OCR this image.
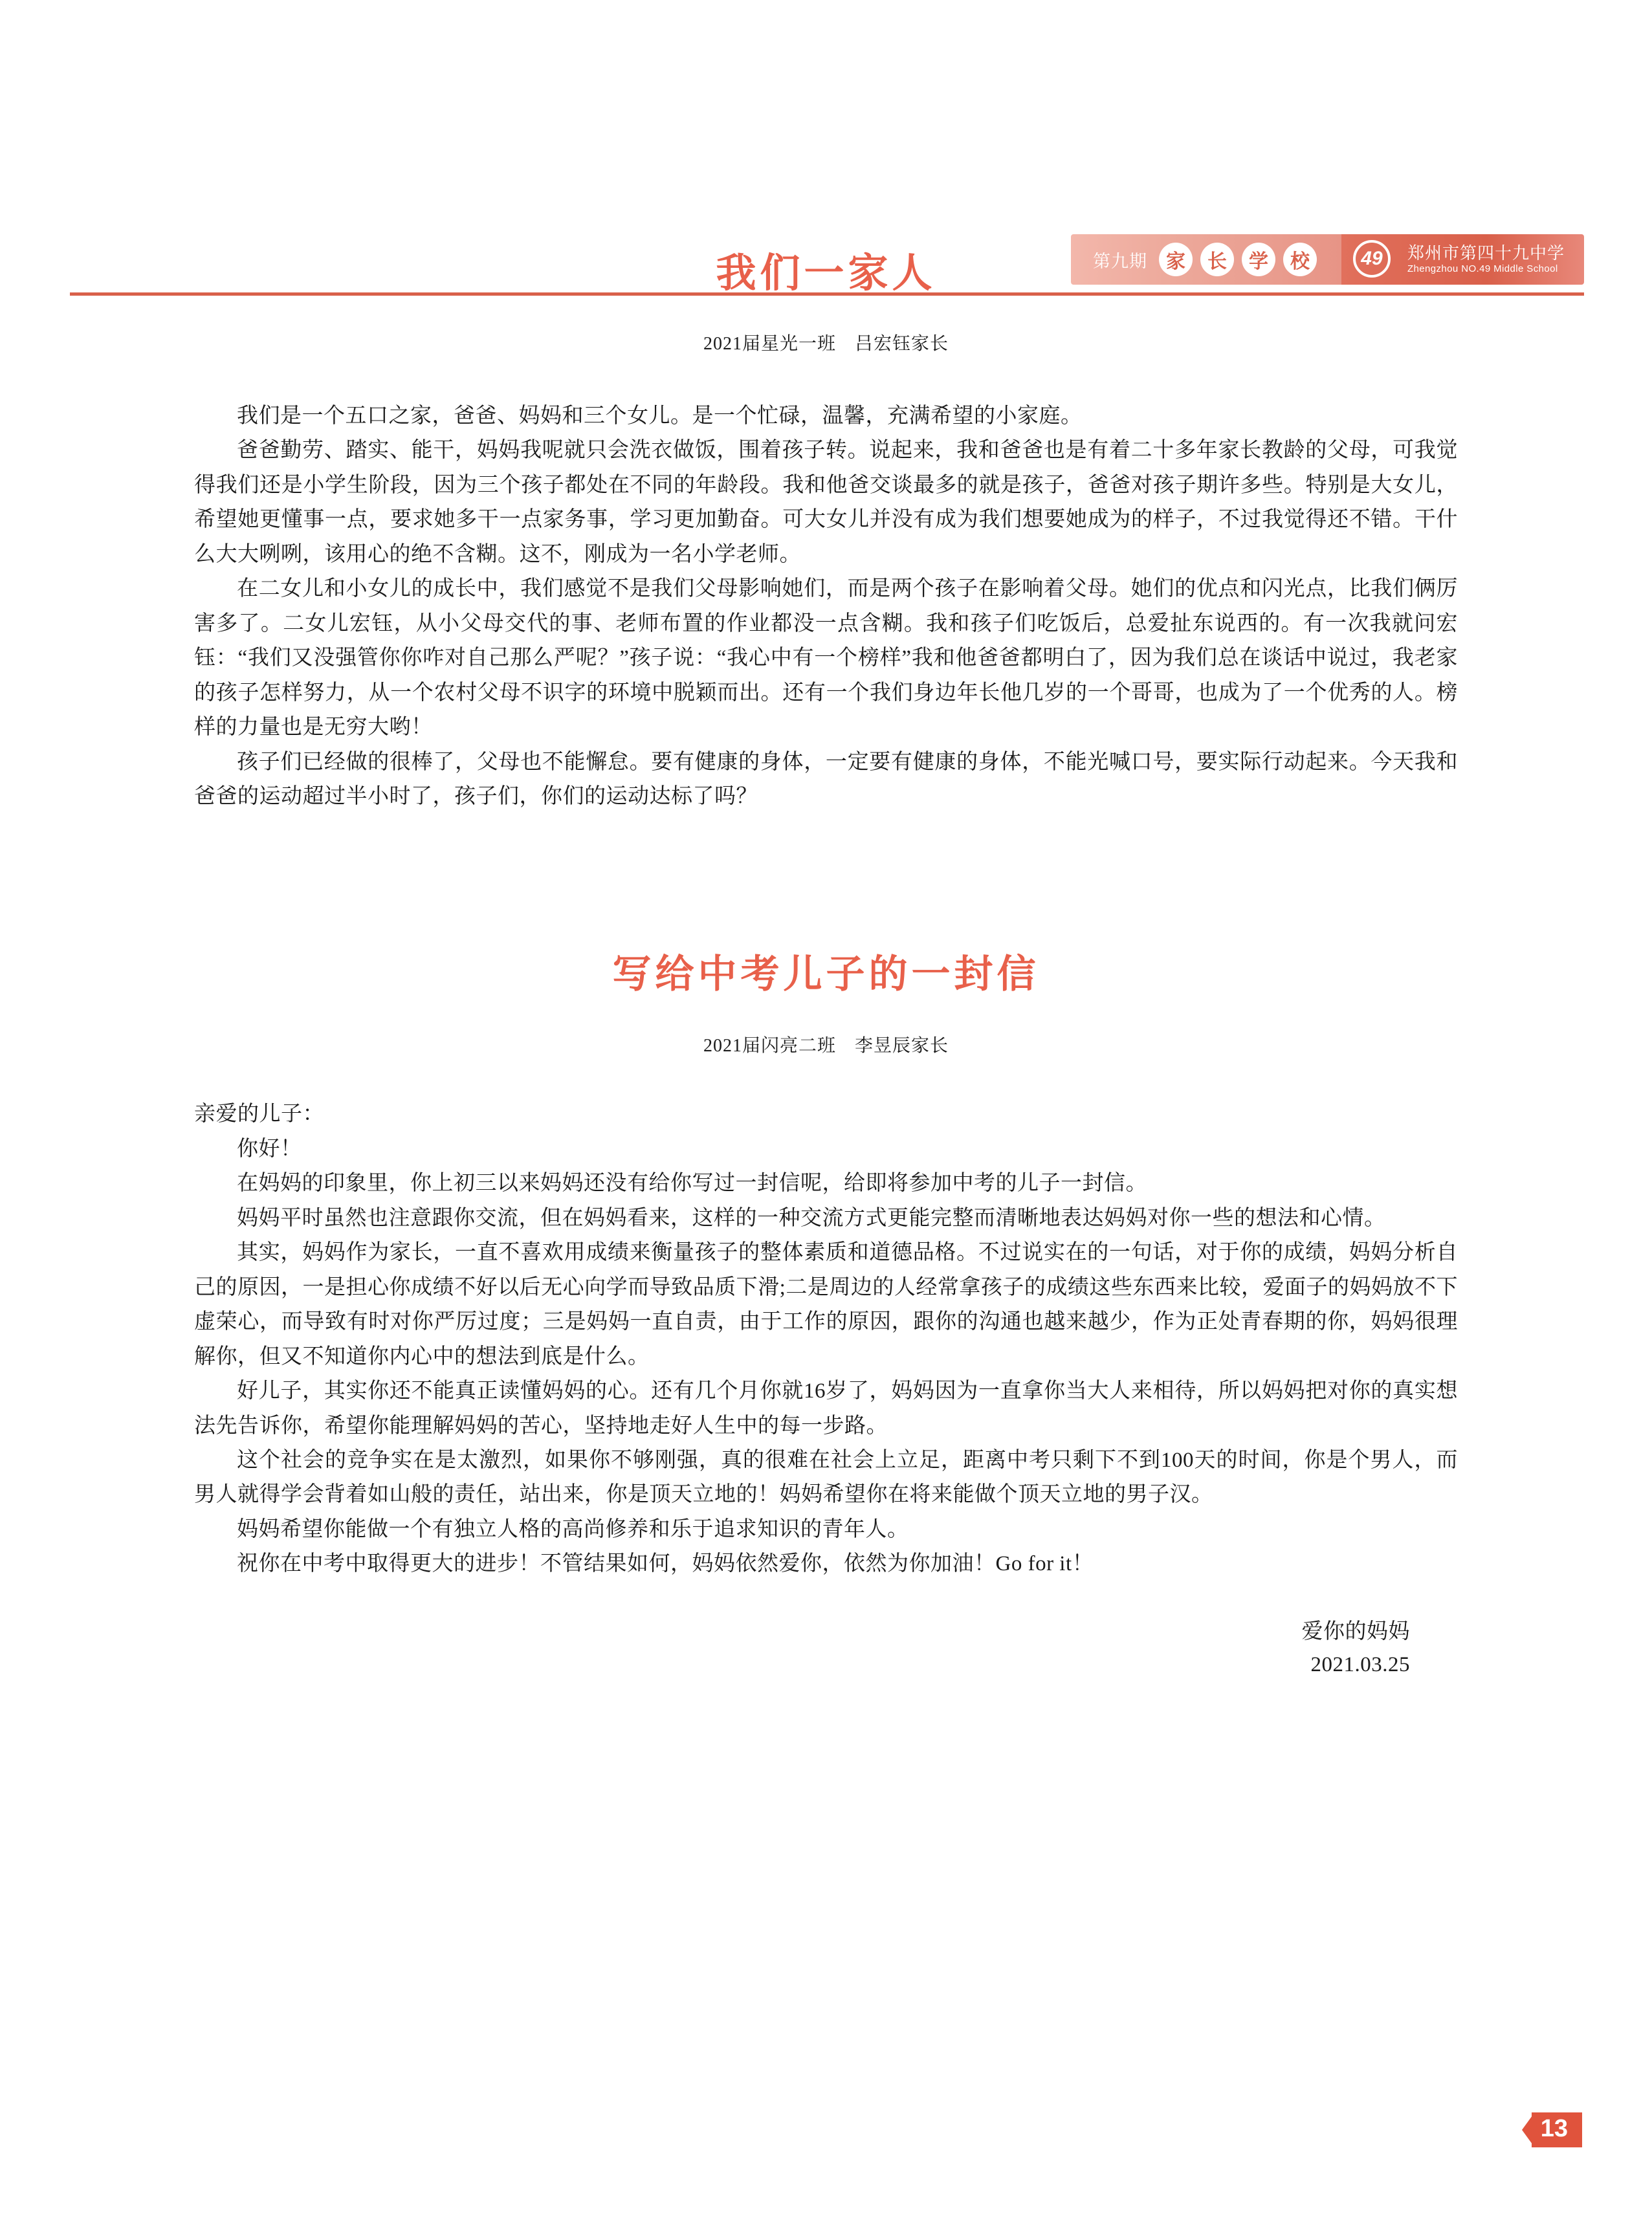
第九期 家	长	学	校	49	郑州市第四十九中学
Zhengzhou NO.49 Middle School
我们一家人
2021届星光一班　吕宏钰家长

我们是一个五口之家，爸爸、妈妈和三个女儿。是一个忙碌，温馨，充满希望的小家庭。

爸爸勤劳、踏实、能干，妈妈我呢就只会洗衣做饭，围着孩子转。说起来，我和爸爸也是有着二十多年家长教龄的父母，可我觉得我们还是小学生阶段，因为三个孩子都处在不同的年龄段。我和他爸交谈最多的就是孩子，爸爸对孩子期许多些。特别是大女儿，希望她更懂事一点，要求她多干一点家务事，学习更加勤奋。可大女儿并没有成为我们想要她成为的样子，不过我觉得还不错。干什么大大咧咧，该用心的绝不含糊。这不，刚成为一名小学老师。

在二女儿和小女儿的成长中，我们感觉不是我们父母影响她们，而是两个孩子在影响着父母。她们的优点和闪光点，比我们俩厉害多了。二女儿宏钰，从小父母交代的事、老师布置的作业都没一点含糊。我和孩子们吃饭后，总爱扯东说西的。有一次我就问宏钰：“我们又没强管你你咋对自己那么严呢？”孩子说：“我心中有一个榜样”我和他爸爸都明白了，因为我们总在谈话中说过，我老家的孩子怎样努力，从一个农村父母不识字的环境中脱颖而出。还有一个我们身边年长他几岁的一个哥哥，也成为了一个优秀的人。榜样的力量也是无穷大哟！

孩子们已经做的很棒了，父母也不能懈怠。要有健康的身体，一定要有健康的身体，不能光喊口号，要实际行动起来。今天我和爸爸的运动超过半小时了，孩子们，你们的运动达标了吗？

写给中考儿子的一封信
2021届闪亮二班　李昱辰家长

亲爱的儿子：

你好！

在妈妈的印象里，你上初三以来妈妈还没有给你写过一封信呢，给即将参加中考的儿子一封信。

妈妈平时虽然也注意跟你交流，但在妈妈看来，这样的一种交流方式更能完整而清晰地表达妈妈对你一些的想法和心情。

其实，妈妈作为家长，一直不喜欢用成绩来衡量孩子的整体素质和道德品格。不过说实在的一句话，对于你的成绩，妈妈分析自己的原因，一是担心你成绩不好以后无心向学而导致品质下滑;二是周边的人经常拿孩子的成绩这些东西来比较，爱面子的妈妈放不下虚荣心，而导致有时对你严厉过度；三是妈妈一直自责，由于工作的原因，跟你的沟通也越来越少，作为正处青春期的你，妈妈很理解你，但又不知道你内心中的想法到底是什么。

好儿子，其实你还不能真正读懂妈妈的心。还有几个月你就16岁了，妈妈因为一直拿你当大人来相待，所以妈妈把对你的真实想法先告诉你，希望你能理解妈妈的苦心，坚持地走好人生中的每一步路。

这个社会的竞争实在是太激烈，如果你不够刚强，真的很难在社会上立足，距离中考只剩下不到100天的时间，你是个男人，而男人就得学会背着如山般的责任，站出来，你是顶天立地的！妈妈希望你在将来能做个顶天立地的男子汉。

妈妈希望你能做一个有独立人格的高尚修养和乐于追求知识的青年人。

祝你在中考中取得更大的进步！不管结果如何，妈妈依然爱你，依然为你加油！Go for it！

爱你的妈妈
2021.03.25
13
